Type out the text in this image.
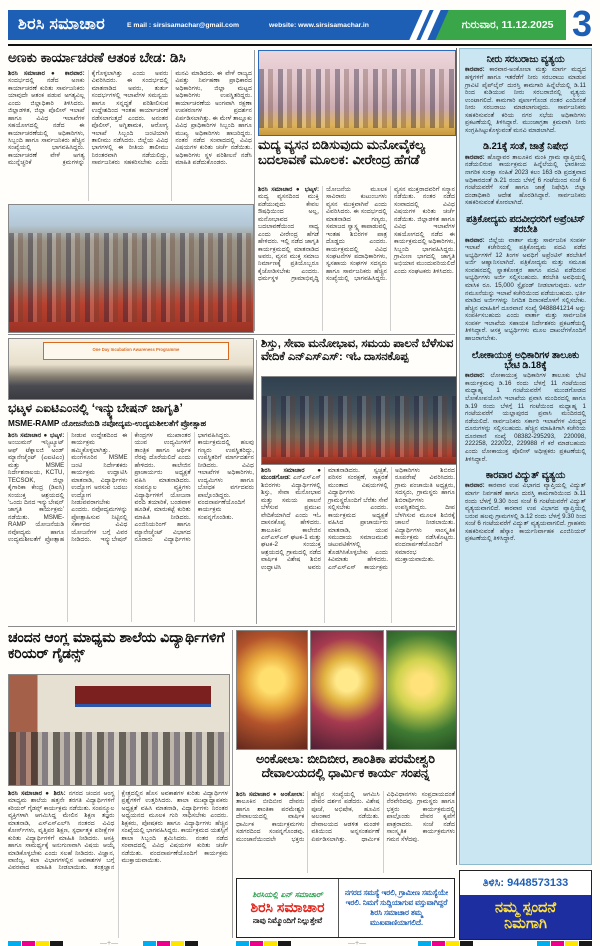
ಶಿರಸಿ ಸಮಾಚಾರ	E mail : sirsisamachar@gmail.com	website: www.sirsisamachar.in	ಗುರುವಾರ, 11.12.2025 3
ಅಣಕು ಕಾರ್ಯಾಚರಣೆ ಆತಂಕ ಬೇಡ: ಡಿಸಿ
ಶಿರಸಿ ಸಮಾಚಾರ ● ಕಾರವಾರ: ಸಂದರ್ಭದಲ್ಲಿ ನಡೆದ ಅಣಕು ಕಾರ್ಯಾಚರಣೆ ಕುರಿತು ಸಾರ್ವಜನಿಕರು ಯಾವುದೇ ಆತಂಕ ಪಡುವ ಅಗತ್ಯವಿಲ್ಲ ಎಂದು ಜಿಲ್ಲಾಧಿಕಾರಿ ತಿಳಿಸಿದರು. ಜಿಲ್ಲಾಡಳಿತ, ಜಿಲ್ಲಾ ಪೊಲೀಸ್ ಇಲಾಖೆ ಹಾಗೂ ವಿವಿಧ ಇಲಾಖೆಗಳ ಸಹಯೋಗದಲ್ಲಿ ನಡೆದ ಈ ಕಾರ್ಯಾಚರಣೆಯಲ್ಲಿ ಅಧಿಕಾರಿಗಳು, ಸಿಬ್ಬಂದಿ ಹಾಗೂ ಸಾರ್ವಜನಿಕರು ಹೆಚ್ಚಿನ ಸಂಖ್ಯೆಯಲ್ಲಿ ಭಾಗವಹಿಸಿದ್ದರು. ಕಾರ್ಯಾಚರಣೆ ವೇಳೆ ಅಗತ್ಯ ಮುನ್ನೆಚ್ಚರಿಕೆ ಕ್ರಮಗಳನ್ನು ಕೈಗೊಳ್ಳಲಾಗಿತ್ತು ಎಂದು ಅವರು ವಿವರಿಸಿದರು. ಈ ಸಂದರ್ಭದಲ್ಲಿ ಮಾತನಾಡಿದ ಅವರು, ತುರ್ತು ಸಂದರ್ಭಗಳಲ್ಲಿ ಇಲಾಖೆಗಳ ಸಮನ್ವಯ ಹಾಗೂ ಸನ್ನದ್ಧತೆ ಪರಿಶೀಲಿಸುವ ಉದ್ದೇಶದಿಂದ ಇಂತಹ ಕಾರ್ಯಾಚರಣೆ ನಡೆಸಲಾಗುತ್ತದೆ ಎಂದರು. ಅನಂತರ ಪೊಲೀಸ್, ಅಗ್ನಿಶಾಮಕ, ಆರೋಗ್ಯ ಇಲಾಖೆ ಸಿಬ್ಬಂದಿ ಜಂಟಿಯಾಗಿ ತಾಲೀಮು ನಡೆಸಿದರು. ಜಿಲ್ಲೆಯ ವಿವಿಧ ಭಾಗಗಳಲ್ಲಿ ಈ ರೀತಿಯ ತಾಲೀಮು ನಿರಂತರವಾಗಿ ನಡೆಯಲಿದ್ದು, ಸಾರ್ವಜನಿಕರು ಸಹಕರಿಸಬೇಕು ಎಂದು ಮನವಿ ಮಾಡಿದರು. ಈ ವೇಳೆ ರಾಜ್ಯದ ವಿಪತ್ತು ನಿರ್ವಹಣಾ ಪ್ರಾಧಿಕಾರದ ಅಧಿಕಾರಿಗಳು, ಜಿಲ್ಲಾ ಮಟ್ಟದ ಅಧಿಕಾರಿಗಳು ಉಪಸ್ಥಿತರಿದ್ದರು. ಕಾರ್ಯಾಚರಣೆಯ ಅಂಗವಾಗಿ ರಕ್ಷಣಾ ಉಪಕರಣಗಳ ಪ್ರದರ್ಶನ ಏರ್ಪಡಿಸಲಾಗಿತ್ತು. ಈ ಮೇಳೆ ತಾಲ್ಲೂಕು ವಿವಿಧ ಪ್ರಾಧಿಕಾರಿಗಳ ಸಿಬ್ಬಂದಿ ಹಾಗೂ ಮುಖ್ಯ ಅಧಿಕಾರಿಗಳು ಹಾಜರಿದ್ದರು. ನಂತರ ನಡೆದ ಸಂವಾದದಲ್ಲಿ ವಿವಿಧ ವಿಷಯಗಳ ಕುರಿತು ಚರ್ಚೆ ನಡೆಯಿತು. ಅಧಿಕಾರಿಗಳು ಸ್ಥಳ ಪರಿಶೀಲನೆ ನಡೆಸಿ ಮಾಹಿತಿ ಪಡೆದುಕೊಂಡರು.
ಮದ್ಯ ವ್ಯಸನ ಬಿಡಿಸುವುದು ಮನೋವೈಕಲ್ಯ ಬದಲಾವಣೆ ಮೂಲಕ: ವೀರೇಂದ್ರ ಹೆಗಡೆ
ಶಿರಸಿ ಸಮಾಚಾರ ● ಭಟ್ಕಳ: ಮದ್ಯ ವ್ಯಸನದಿಂದ ಮುಕ್ತಿ ಪಡೆಯುವುದು ಕೇವಲ ಔಷಧಿಯಿಂದ ಅಲ್ಲ, ಮನೋಭಾವದ ಬದಲಾವಣೆಯಿಂದ ಸಾಧ್ಯ ಎಂದು ವೀರೇಂದ್ರ ಹೆಗಡೆ ಹೇಳಿದರು. ಇಲ್ಲಿ ನಡೆದ ಜಾಗೃತಿ ಕಾರ್ಯಕ್ರಮದಲ್ಲಿ ಮಾತನಾಡಿದ ಅವರು, ವ್ಯಸನ ಮುಕ್ತ ಸಮಾಜ ನಿರ್ಮಾಣಕ್ಕೆ ಪ್ರತಿಯೊಬ್ಬರೂ ಕೈಜೋಡಿಸಬೇಕು ಎಂದರು. ಧರ್ಮಸ್ಥಳ ಗ್ರಾಮಾಭಿವೃದ್ಧಿ ಯೋಜನೆಯ ಮೂಲಕ ಸಾವಿರಾರು ಕುಟುಂಬಗಳು ವ್ಯಸನ ಮುಕ್ತವಾಗಿವೆ ಎಂದು ವಿವರಿಸಿದರು. ಈ ಸಂದರ್ಭದಲ್ಲಿ ಮಾತನಾಡಿದ ಗಣ್ಯರು, ಸಮಾಜದ ಸ್ವಾಸ್ಥ್ಯ ಕಾಪಾಡುವಲ್ಲಿ ಇಂತಹ ಶಿಬಿರಗಳ ಪಾತ್ರ ದೊಡ್ಡದು ಎಂದರು. ಕಾರ್ಯಕ್ರಮದಲ್ಲಿ ವಿವಿಧ ಸಂಘಟನೆಗಳ ಪದಾಧಿಕಾರಿಗಳು, ಸ್ವಸಹಾಯ ಸಂಘಗಳ ಸದಸ್ಯರು ಹಾಗೂ ಸಾರ್ವಜನಿಕರು ಹೆಚ್ಚಿನ ಸಂಖ್ಯೆಯಲ್ಲಿ ಭಾಗವಹಿಸಿದ್ದರು. ವ್ಯಸನ ಮುಕ್ತರಾದವರಿಗೆ ಸನ್ಮಾನ ನಡೆಯಿತು. ನಂತರ ನಡೆದ ಸಂವಾದದಲ್ಲಿ ವಿವಿಧ ವಿಷಯಗಳ ಕುರಿತು ಚರ್ಚೆ ನಡೆಯಿತು. ಜಿಲ್ಲಾಡಳಿತ ಹಾಗೂ ವಿವಿಧ ಇಲಾಖೆಗಳ ಸಹಯೋಗದಲ್ಲಿ ನಡೆದ ಈ ಕಾರ್ಯಕ್ರಮದಲ್ಲಿ ಅಧಿಕಾರಿಗಳು, ಸಿಬ್ಬಂದಿ ಭಾಗವಹಿಸಿದ್ದರು. ಗ್ರಾಮೀಣ ಭಾಗದಲ್ಲಿ ಜಾಗೃತಿ ಅಭಿಯಾನ ಮುಂದುವರಿಯಲಿದೆ ಎಂದು ಸಂಘಟಕರು ತಿಳಿಸಿದರು.
One Day Incubation Awareness Programme
ಭಟ್ಕಳ ಎಐಟಿಎಂನಲ್ಲಿ ‘ಇನ್ಕ್ಯುಬೇಷನ್ ಜಾಗೃತಿ’
MSME-RAMP ಯೋಜನೆಯಡಿ ನವೋದ್ಯಮ-ಉದ್ಯಮಶೀಲತೆಗೆ ಪ್ರೋತ್ಸಾಹ
ಶಿರಸಿ ಸಮಾಚಾರ ● ಭಟ್ಕಳ: ಅಂಜುಮನ್ ಇನ್ಸ್ಟಿಟ್ಯೂಟ್ ಆಫ್ ಟೆಕ್ನಾಲಜಿ ಅಂಡ್ ಮ್ಯಾನೇಜ್ಮೆಂಟ್ (ಎಐಟಿಎಂ) ಮತ್ತು MSME ನಿರ್ದೇಶನಾಲಯ, KCTU, TECSOK, ಜಿಲ್ಲಾ ಕೈಗಾರಿಕಾ ಕೇಂದ್ರ (ಡಿಐಸಿ) ಸಂಯುಕ್ತ ಆಶ್ರಯದಲ್ಲಿ ‘ಒಂದು ದಿನದ ಇನ್ಕ್ಯುಬೇಷನ್ ಜಾಗೃತಿ ಕಾರ್ಯಕ್ರಮ’ ನಡೆಯಿತು. MSME-RAMP ಯೋಜನೆಯಡಿ ನವೋದ್ಯಮ ಹಾಗೂ ಉದ್ಯಮಶೀಲತೆಗೆ ಪ್ರೋತ್ಸಾಹ ನೀಡುವ ಉದ್ದೇಶದಿಂದ ಈ ಕಾರ್ಯಕ್ರಮ ಹಮ್ಮಿಕೊಳ್ಳಲಾಗಿತ್ತು. ಮಂಗಳೂರಿನ MSME ಜಂಟಿ ನಿರ್ದೇಶಕರು ಕಾರ್ಯಕ್ರಮ ಉದ್ಘಾಟಿಸಿ ಮಾತನಾಡಿ, ವಿದ್ಯಾರ್ಥಿಗಳು ಉದ್ಯೋಗ ಅರಸುವ ಬದಲು ಉದ್ಯೋಗ ನೀಡುವವರಾಗಬೇಕು ಎಂದರು. ನವೋದ್ಯಮಗಳನ್ನು ಪ್ರೋತ್ಸಾಹಿಸುವ ನಿಟ್ಟಿನಲ್ಲಿ ಸರ್ಕಾರದ ವಿವಿಧ ಯೋಜನೆಗಳ ಬಗ್ಗೆ ವಿವರ ನೀಡಿದರು. ಇನ್ಕ್ಯುಬೇಷನ್ ಕೇಂದ್ರಗಳ ಮುಖಾಂತರ ಯುವ ಉದ್ಯಮಿಗಳಿಗೆ ತಾಂತ್ರಿಕ ಹಾಗೂ ಆರ್ಥಿಕ ನೆರವು ದೊರೆಯಲಿದೆ ಎಂದು ಹೇಳಿದರು. ಕಾಲೇಜಿನ ಪ್ರಾಚಾರ್ಯರು ಅಧ್ಯಕ್ಷತೆ ವಹಿಸಿ ಮಾತನಾಡಿದರು. ಸಂಪನ್ಮೂಲ ವ್ಯಕ್ತಿಗಳು ವಿದ್ಯಾರ್ಥಿಗಳಿಗೆ ಯೋಜನಾ ವರದಿ ತಯಾರಿಕೆ, ಬಂಡವಾಳ ಹೂಡಿಕೆ, ಮಾರುಕಟ್ಟೆ ಕುರಿತು ಮಾಹಿತಿ ನೀಡಿದರು. ಎಂಜಿನಿಯರಿಂಗ್ ಹಾಗೂ ಮ್ಯಾನೇಜ್ಮೆಂಟ್ ವಿಭಾಗದ ನೂರಾರು ವಿದ್ಯಾರ್ಥಿಗಳು ಭಾಗವಹಿಸಿದ್ದರು. ಕಾರ್ಯಕ್ರಮದಲ್ಲಿ ಹಲವು ಗಣ್ಯರು ಉಪಸ್ಥಿತರಿದ್ದು, ಉಪಸ್ಥಿತರಿಗೆ ಮಾರ್ಗದರ್ಶನ ನೀಡಿದರು. ವಿವಿಧ ಇಲಾಖೆಗಳ ಅಧಿಕಾರಿಗಳು, ಉದ್ಯಮಿಗಳು ಹಾಗೂ ಬೋಧಕ ವರ್ಗದವರು ಪಾಲ್ಗೊಂಡಿದ್ದರು. ವಂದನಾರ್ಪಣೆಯೊಂದಿಗೆ ಕಾರ್ಯಕ್ರಮ ಸಂಪನ್ನಗೊಂಡಿತು.
ಶಿಸ್ತು, ಸೇವಾ ಮನೋಭಾವ, ಸಮಯ ಪಾಲನೆ ಬೆಳೆಸುವ ವೇದಿಕೆ ಎನ್‌ಎಸ್‌ಎಸ್: ಇಓ ದಾಸನಕೊಪ್ಪ
ಶಿರಸಿ ಸಮಾಚಾರ ● ಮುಂಡಗೋಡ: ಎನ್‌ಎಸ್‌ಎಸ್ ಶಿಬಿರಗಳು ವಿದ್ಯಾರ್ಥಿಗಳಲ್ಲಿ ಶಿಸ್ತು, ಸೇವಾ ಮನೋಭಾವ ಮತ್ತು ಸಮಯ ಪಾಲನೆ ಬೆಳೆಸುವ ಪ್ರಮುಖ ವೇದಿಕೆಯಾಗಿದೆ ಎಂದು ಇಓ ದಾಸನಕೊಪ್ಪ ಹೇಳಿದರು. ತಾಲೂಕಿನ ಕಾಲೇಜಿನ ಎನ್‌ಎಸ್‌ಎಸ್ ಘಟಕ-1 ಮತ್ತು ಘಟಕ-2 ಸಂಯುಕ್ತ ಆಶ್ರಯದಲ್ಲಿ ಗ್ರಾಮದಲ್ಲಿ ನಡೆದ ವಾರ್ಷಿಕ ವಿಶೇಷ ಶಿಬಿರ ಉದ್ಘಾಟಿಸಿ ಅವರು ಮಾತನಾಡಿದರು. ಸ್ವಚ್ಛತೆ, ಪರಿಸರ ಸಂರಕ್ಷಣೆ, ಸಾಕ್ಷರತೆ ಮುಂತಾದ ವಿಷಯಗಳಲ್ಲಿ ವಿದ್ಯಾರ್ಥಿಗಳು ಗ್ರಾಮಸ್ಥರೊಂದಿಗೆ ಬೆರೆತು ಸೇವೆ ಸಲ್ಲಿಸಬೇಕು ಎಂದರು. ಕಾರ್ಯಕ್ರಮದ ಅಧ್ಯಕ್ಷತೆ ವಹಿಸಿದ ಪ್ರಾಚಾರ್ಯರು ಮಾತನಾಡಿ, ಯುವ ಸಮುದಾಯ ಸಮಾಜಮುಖಿ ಚಟುವಟಿಕೆಗಳಲ್ಲಿ ತೊಡಗಿಸಿಕೊಳ್ಳಬೇಕು ಎಂದು ಕಿವಿಮಾತು ಹೇಳಿದರು. ಎನ್‌ಎಸ್‌ಎಸ್ ಕಾರ್ಯಕ್ರಮ ಅಧಿಕಾರಿಗಳು ಶಿಬಿರದ ರೂಪರೇಷೆ ವಿವರಿಸಿದರು. ಗ್ರಾಮ ಪಂಚಾಯಿತಿ ಅಧ್ಯಕ್ಷರು, ಸದಸ್ಯರು, ಗ್ರಾಮಸ್ಥರು ಹಾಗೂ ಶಿಬಿರಾರ್ಥಿಗಳು ಉಪಸ್ಥಿತರಿದ್ದರು. ದೀಪ ಬೆಳಗಿಸುವ ಮೂಲಕ ಶಿಬಿರಕ್ಕೆ ಚಾಲನೆ ನೀಡಲಾಯಿತು. ವಿದ್ಯಾರ್ಥಿಗಳು ಸಾಂಸ್ಕೃತಿಕ ಕಾರ್ಯಕ್ರಮ ನಡೆಸಿಕೊಟ್ಟರು. ವಂದನಾರ್ಪಣೆಯೊಂದಿಗೆ ಸಮಾರಂಭ ಮುಕ್ತಾಯವಾಯಿತು.
ಚಂದನ ಆಂಗ್ಲ ಮಾಧ್ಯಮ ಶಾಲೆಯ ವಿದ್ಯಾರ್ಥಿಗಳಿಗೆ ಕರಿಯರ್ ಗೈಡನ್ಸ್
ಶಿರಸಿ ಸಮಾಚಾರ ● ಶಿರಸಿ: ನಗರದ ಚಂದನ ಆಂಗ್ಲ ಮಾಧ್ಯಮ ಶಾಲೆಯ ಹತ್ತನೇ ತರಗತಿ ವಿದ್ಯಾರ್ಥಿಗಳಿಗೆ ಕರಿಯರ್ ಗೈಡನ್ಸ್ ಕಾರ್ಯಕ್ರಮ ನಡೆಯಿತು. ಸಂಪನ್ಮೂಲ ವ್ಯಕ್ತಿಗಳಾಗಿ ಆಗಮಿಸಿದ್ದ ಮೇಲಿನ ಶಿಕ್ಷಣ ತಜ್ಞರು ಮಾತನಾಡಿ, ಎಸ್‌ಎಸ್‌ಎಲ್‌ಸಿ ನಂತರದ ವಿವಿಧ ಕೋರ್ಸ್‌ಗಳು, ವೃತ್ತಿಪರ ಶಿಕ್ಷಣ, ಸ್ಪರ್ಧಾತ್ಮಕ ಪರೀಕ್ಷೆಗಳ ಕುರಿತು ವಿದ್ಯಾರ್ಥಿಗಳಿಗೆ ಮಾಹಿತಿ ನೀಡಿದರು. ಆಸಕ್ತಿ ಹಾಗೂ ಸಾಮರ್ಥ್ಯಕ್ಕೆ ಅನುಗುಣವಾಗಿ ವಿಷಯ ಆಯ್ಕೆ ಮಾಡಿಕೊಳ್ಳಬೇಕು ಎಂದು ಸಲಹೆ ನೀಡಿದರು. ವಿಜ್ಞಾನ, ವಾಣಿಜ್ಯ, ಕಲಾ ವಿಭಾಗಗಳಲ್ಲಿನ ಅವಕಾಶಗಳ ಬಗ್ಗೆ ವಿವರವಾದ ಮಾಹಿತಿ ನೀಡಲಾಯಿತು. ತಂತ್ರಜ್ಞಾನ ಕ್ಷೇತ್ರದಲ್ಲಿನ ಹೊಸ ಅವಕಾಶಗಳ ಕುರಿತು ವಿದ್ಯಾರ್ಥಿಗಳ ಪ್ರಶ್ನೆಗಳಿಗೆ ಉತ್ತರಿಸಿದರು. ಶಾಲಾ ಮುಖ್ಯಾಧ್ಯಾಪಕರು ಅಧ್ಯಕ್ಷತೆ ವಹಿಸಿ ಮಾತನಾಡಿ, ವಿದ್ಯಾರ್ಥಿಗಳು ನಿರಂತರ ಅಧ್ಯಯನದ ಮೂಲಕ ಗುರಿ ಸಾಧಿಸಬೇಕು ಎಂದರು. ಶಿಕ್ಷಕರು, ಪೋಷಕರು ಹಾಗೂ ವಿದ್ಯಾರ್ಥಿಗಳು ಹೆಚ್ಚಿನ ಸಂಖ್ಯೆಯಲ್ಲಿ ಭಾಗವಹಿಸಿದ್ದರು. ಕಾರ್ಯಕ್ರಮದ ಯಶಸ್ಸಿಗೆ ಶಾಲಾ ಸಿಬ್ಬಂದಿ ಶ್ರಮಿಸಿದರು. ನಂತರ ನಡೆದ ಸಂವಾದದಲ್ಲಿ ವಿವಿಧ ವಿಷಯಗಳ ಕುರಿತು ಚರ್ಚೆ ನಡೆಯಿತು. ವಂದನಾರ್ಪಣೆಯೊಂದಿಗೆ ಕಾರ್ಯಕ್ರಮ ಮುಕ್ತಾಯವಾಯಿತು.
ಅಂಕೋಲಾ: ಬೀದಿಬೀರ, ಶಾಂತಿಕಾ ಪರಮೇಶ್ವರಿ ದೇವಾಲಯದಲ್ಲಿ ಧಾರ್ಮಿಕ ಕಾರ್ಯ ಸಂಪನ್ನ
ಶಿರಸಿ ಸಮಾಚಾರ ● ಅಂಕೋಲಾ: ತಾಲೂಕಿನ ಬೀದಿಬೀರ ದೇವರು ಹಾಗೂ ಶಾಂತಿಕಾ ಪರಮೇಶ್ವರಿ ದೇವಾಲಯದಲ್ಲಿ ವಾರ್ಷಿಕ ಧಾರ್ಮಿಕ ಕಾರ್ಯಕ್ರಮಗಳು ಸಡಗರದಿಂದ ಸಂಪನ್ನಗೊಂಡವು. ಮುಂಜಾನೆಯಿಂದಲೇ ಭಕ್ತರು ಹೆಚ್ಚಿನ ಸಂಖ್ಯೆಯಲ್ಲಿ ಆಗಮಿಸಿ ದೇವರ ದರ್ಶನ ಪಡೆದರು. ವಿಶೇಷ ಪೂಜೆ, ಅಭಿಷೇಕ, ಹೂವಿನ ಅಲಂಕಾರ ನಡೆಯಿತು. ದೇವಾಲಯದ ಆಡಳಿತ ಮಂಡಳಿ ವತಿಯಿಂದ ಅನ್ನಸಂತರ್ಪಣೆ ಏರ್ಪಡಿಸಲಾಗಿತ್ತು. ಧಾರ್ಮಿಕ ವಿಧಿವಿಧಾನಗಳು ಸಂಪ್ರದಾಯದಂತೆ ನೆರವೇರಿದವು. ಗ್ರಾಮಸ್ಥರು ಹಾಗೂ ಭಕ್ತರು ಕಾರ್ಯಕ್ರಮದಲ್ಲಿ ಪಾಲ್ಗೊಂಡು ದೇವರ ಕೃಪೆಗೆ ಪಾತ್ರರಾದರು. ಸಂಜೆ ನಡೆದ ಸಾಂಸ್ಕೃತಿಕ ಕಾರ್ಯಕ್ರಮಗಳು ಗಮನ ಸೆಳೆದವು.
ಶಿರಸಿಯಲ್ಲಿ ಏನ್ ಸಮಾಚಾರ್
ಶಿರಸಿ ಸಮಾಚಾರ
ನಾವು ನಿಮ್ಮೊಂದಿಗೆ ನಿಲ್ಲುತ್ತೇವೆ
ನಗರದ ಸಮಸ್ಯೆ ಇರಲಿ, ಗ್ರಾಮೀಣ ಸಮಸ್ಯೆಯೇ ಇರಲಿ. ನಿಮಗೆ ಸುದ್ದಿಯಾಗುವ ವಸ್ತುವಾಗಿದ್ದರೆ ಶಿರಸಿ ಸಮಾಚಾರ ತಮ್ಮ ಮುಖವಾಣಿಯಾಗಲಿದೆ.

ನೀರು ಸರಬರಾಜು ವ್ಯತ್ಯಯ

ಕಾರವಾರ: ಕಾರವಾರ-ಅಂಕೋಲಾ ಮತ್ತು ಮಾರ್ಗ ಮಧ್ಯದ ಹಳ್ಳಿಗಳಿಗೆ ಹಾಗೂ ಇತರೆಡೆಗೆ ನೀರು ಸರಬರಾಜು ಮಾಡುವ ಗ್ರಾವಿಟಿ ಪೈಪ್‌ಲೈನ್ ದುರಸ್ತಿ ಕಾಮಗಾರಿ ಹಿನ್ನೆಲೆಯಲ್ಲಿ ಡಿ.11 ರಿಂದ ಕುಡಿಯುವ ನೀರು ಸರಬರಾಜಿನಲ್ಲಿ ವ್ಯತ್ಯಯ ಉಂಟಾಗಲಿದೆ. ಕಾಮಗಾರಿ ಪೂರ್ಣಗೊಂಡ ನಂತರ ಎಂದಿನಂತೆ ನೀರು ಸರಬರಾಜು ಮಾಡಲಾಗುವುದು. ಸಾರ್ವಜನಿಕರು ಸಹಕರಿಸುವಂತೆ ಕರಿಯ ನಗರ ಸಭೆಯ ಅಧಿಕಾರಿಗಳು ಪ್ರಕಟಣೆಯಲ್ಲಿ ತಿಳಿಸಿದ್ದಾರೆ. ಮುಂಜಾಗ್ರತಾ ಕ್ರಮವಾಗಿ ನೀರು ಸಂಗ್ರಹಿಸಿಟ್ಟುಕೊಳ್ಳುವಂತೆ ಮನವಿ ಮಾಡಲಾಗಿದೆ.

ಡಿ.21ಕ್ಕೆ ಸಂತೆ, ಜಾತ್ರೆ ನಿಷೇಧ

ಕಾರವಾರ: ಹೊನ್ನಾವರ ತಾಲೂಕಿನ ಮಂಕಿ ಗ್ರಾಮ ವ್ಯಾಪ್ತಿಯಲ್ಲಿ ನಡೆಯಲಿರುವ ಕಾರ್ಯಕ್ರಮದ ಹಿನ್ನೆಲೆಯಲ್ಲಿ ಭಾರತೀಯ ನಾಗರಿಕ ಸುರಕ್ಷಾ ಸಂಹಿತೆ 2023 ಕಲಂ 163 ರಡಿ ಪ್ರದತ್ತವಾದ ಅಧಿಕಾರದಂತೆ ಡಿ.21 ರಂದು ಬೆಳಗ್ಗೆ 6 ಗಂಟೆಯಿಂದ ಸಂಜೆ 6 ಗಂಟೆಯವರೆಗೆ ಸಂತೆ ಹಾಗೂ ಜಾತ್ರೆ ನಿಷೇಧಿಸಿ ಜಿಲ್ಲಾ ದಂಡಾಧಿಕಾರಿ ಆದೇಶ ಹೊರಡಿಸಿದ್ದಾರೆ. ಸಾರ್ವಜನಿಕರು ಸಹಕರಿಸುವಂತೆ ಕೋರಲಾಗಿದೆ.

ಪತ್ರಿಕೋದ್ಯಮ ಪದವೀಧರರಿಗೆ ಅಪ್ರೆಂಟಿಸ್ ತರಬೇತಿ

ಕಾರವಾರ: ಜಿಲ್ಲೆಯ ವಾರ್ತಾ ಮತ್ತು ಸಾರ್ವಜನಿಕ ಸಂಪರ್ಕ ಇಲಾಖೆ ಕಚೇರಿಯಲ್ಲಿ ಪತ್ರಿಕೋದ್ಯಮ ಪದವಿ ಪಡೆದ ಅಭ್ಯರ್ಥಿಗಳಿಗೆ 12 ತಿಂಗಳ ಅವಧಿಗೆ ಅಪ್ರೆಂಟಿಸ್ ತರಬೇತಿಗೆ ಅರ್ಜಿ ಆಹ್ವಾನಿಸಲಾಗಿದೆ. ಪತ್ರಿಕೋದ್ಯಮ ಮತ್ತು ಸಮೂಹ ಸಂವಹನದಲ್ಲಿ ಸ್ನಾತಕೋತ್ತರ ಹಾಗೂ ಪದವಿ ಪಡೆದಿರುವ ಅಭ್ಯರ್ಥಿಗಳು ಅರ್ಜಿ ಸಲ್ಲಿಸಬಹುದು. ತರಬೇತಿ ಅವಧಿಯಲ್ಲಿ ಮಾಸಿಕ ರೂ. 15,000 ಸ್ಟೈಫಂಡ್ ನೀಡಲಾಗುವುದು. ಅರ್ಜಿ ನಮೂನೆಯನ್ನು ಇಲಾಖೆ ಕಚೇರಿಯಿಂದ ಪಡೆಯಬಹುದು. ಭರ್ತಿ ಮಾಡಿದ ಅರ್ಜಿಗಳನ್ನು ನಿಗದಿತ ದಿನಾಂಕದೊಳಗೆ ಸಲ್ಲಿಸಬೇಕು. ಹೆಚ್ಚಿನ ಮಾಹಿತಿಗೆ ದೂರವಾಣಿ ಸಂಖ್ಯೆ 9488841214 ಅನ್ನು ಸಂಪರ್ಕಿಸಬಹುದು ಎಂದು ವಾರ್ತಾ ಮತ್ತು ಸಾರ್ವಜನಿಕ ಸಂಪರ್ಕ ಇಲಾಖೆಯ ಸಹಾಯಕ ನಿರ್ದೇಶಕರು ಪ್ರಕಟಣೆಯಲ್ಲಿ ತಿಳಿಸಿದ್ದಾರೆ. ಆಸಕ್ತ ಅಭ್ಯರ್ಥಿಗಳು ಮೂಲ ದಾಖಲೆಗಳೊಂದಿಗೆ ಹಾಜರಾಗಬೇಕು.

ಲೋಕಾಯುಕ್ತ ಅಧಿಕಾರಿಗಳ ತಾಲೂಕು ಭೇಟಿ ಡಿ.18ಕ್ಕೆ

ಕಾರವಾರ: ಲೋಕಾಯುಕ್ತ ಅಧಿಕಾರಿಗಳ ತಾಲೂಕು ಭೇಟಿ ಕಾರ್ಯಕ್ರಮವು ಡಿ.16 ರಂದು ಬೆಳಗ್ಗೆ 11 ಗಂಟೆಯಿಂದ ಮಧ್ಯಾಹ್ನ 1 ಗಂಟೆಯವರೆಗೆ ಮುಂಡಗೋಡದ ಲೋಕೋಪಯೋಗಿ ಇಲಾಖೆಯ ಪ್ರವಾಸಿ ಮಂದಿರದಲ್ಲಿ ಹಾಗೂ ಡಿ.19 ರಂದು ಬೆಳಗ್ಗೆ 11 ಗಂಟೆಯಿಂದ ಮಧ್ಯಾಹ್ನ 1 ಗಂಟೆಯವರೆಗೆ ಯಲ್ಲಾಪುರದ ಪ್ರವಾಸಿ ಮಂದಿರದಲ್ಲಿ ನಡೆಯಲಿದೆ. ಸಾರ್ವಜನಿಕರು ಸರ್ಕಾರಿ ಇಲಾಖೆಗಳ ವಿರುದ್ಧದ ದೂರುಗಳನ್ನು ಸಲ್ಲಿಸಬಹುದು. ಹೆಚ್ಚಿನ ಮಾಹಿತಿಗಾಗಿ ಕಚೇರಿಯ ದೂರವಾಣಿ ಸಂಖ್ಯೆ 08382-295293, 220098, 222258, 222022, 229988 ಗೆ ಕರೆ ಮಾಡಬಹುದು ಎಂದು ಲೋಕಾಯುಕ್ತ ಪೊಲೀಸ್ ಅಧೀಕ್ಷಕರು ಪ್ರಕಟಣೆಯಲ್ಲಿ ತಿಳಿಸಿದ್ದಾರೆ.

ಕಾರವಾರ ವಿದ್ಯುತ್ ವ್ಯತ್ಯಯ

ಕಾರವಾರ: ಕಾರವಾರ ಉಪ ವಿಭಾಗದ ವ್ಯಾಪ್ತಿಯಲ್ಲಿ ವಿದ್ಯುತ್ ಮಾರ್ಗ ನಿರ್ವಹಣೆ ಹಾಗೂ ದುರಸ್ತಿ ಕಾಮಗಾರಿಯಿಂದ ಡಿ.11 ರಂದು ಬೆಳಗ್ಗೆ 9.30 ರಿಂದ ಸಂಜೆ 6 ಗಂಟೆಯವರೆಗೆ ವಿದ್ಯುತ್ ವ್ಯತ್ಯಯವಾಗಲಿದೆ. ಕಾರವಾರ ಉಪ ವಿಭಾಗದ ವ್ಯಾಪ್ತಿಯಲ್ಲಿ ಬರುವ ಹಲವು ಗ್ರಾಮಗಳಲ್ಲಿ ಡಿ.12 ರಂದು ಬೆಳಗ್ಗೆ 9.30 ರಿಂದ ಸಂಜೆ 6 ಗಂಟೆಯವರೆಗೆ ವಿದ್ಯುತ್ ವ್ಯತ್ಯಯವಾಗಲಿದೆ. ಗ್ರಾಹಕರು ಸಹಕರಿಸುವಂತೆ ಹೆಸ್ಕಾಂ ಕಾರ್ಯನಿರ್ವಾಹಕ ಎಂಜಿನಿಯರ್ ಪ್ರಕಟಣೆಯಲ್ಲಿ ತಿಳಿಸಿದ್ದಾರೆ.
ತಿಳಿಸಿ: 9448573133
ನಮ್ಮ ಸ್ಪಂದನೆ
ನಿಮಗಾಗಿ
—+—	—+—
